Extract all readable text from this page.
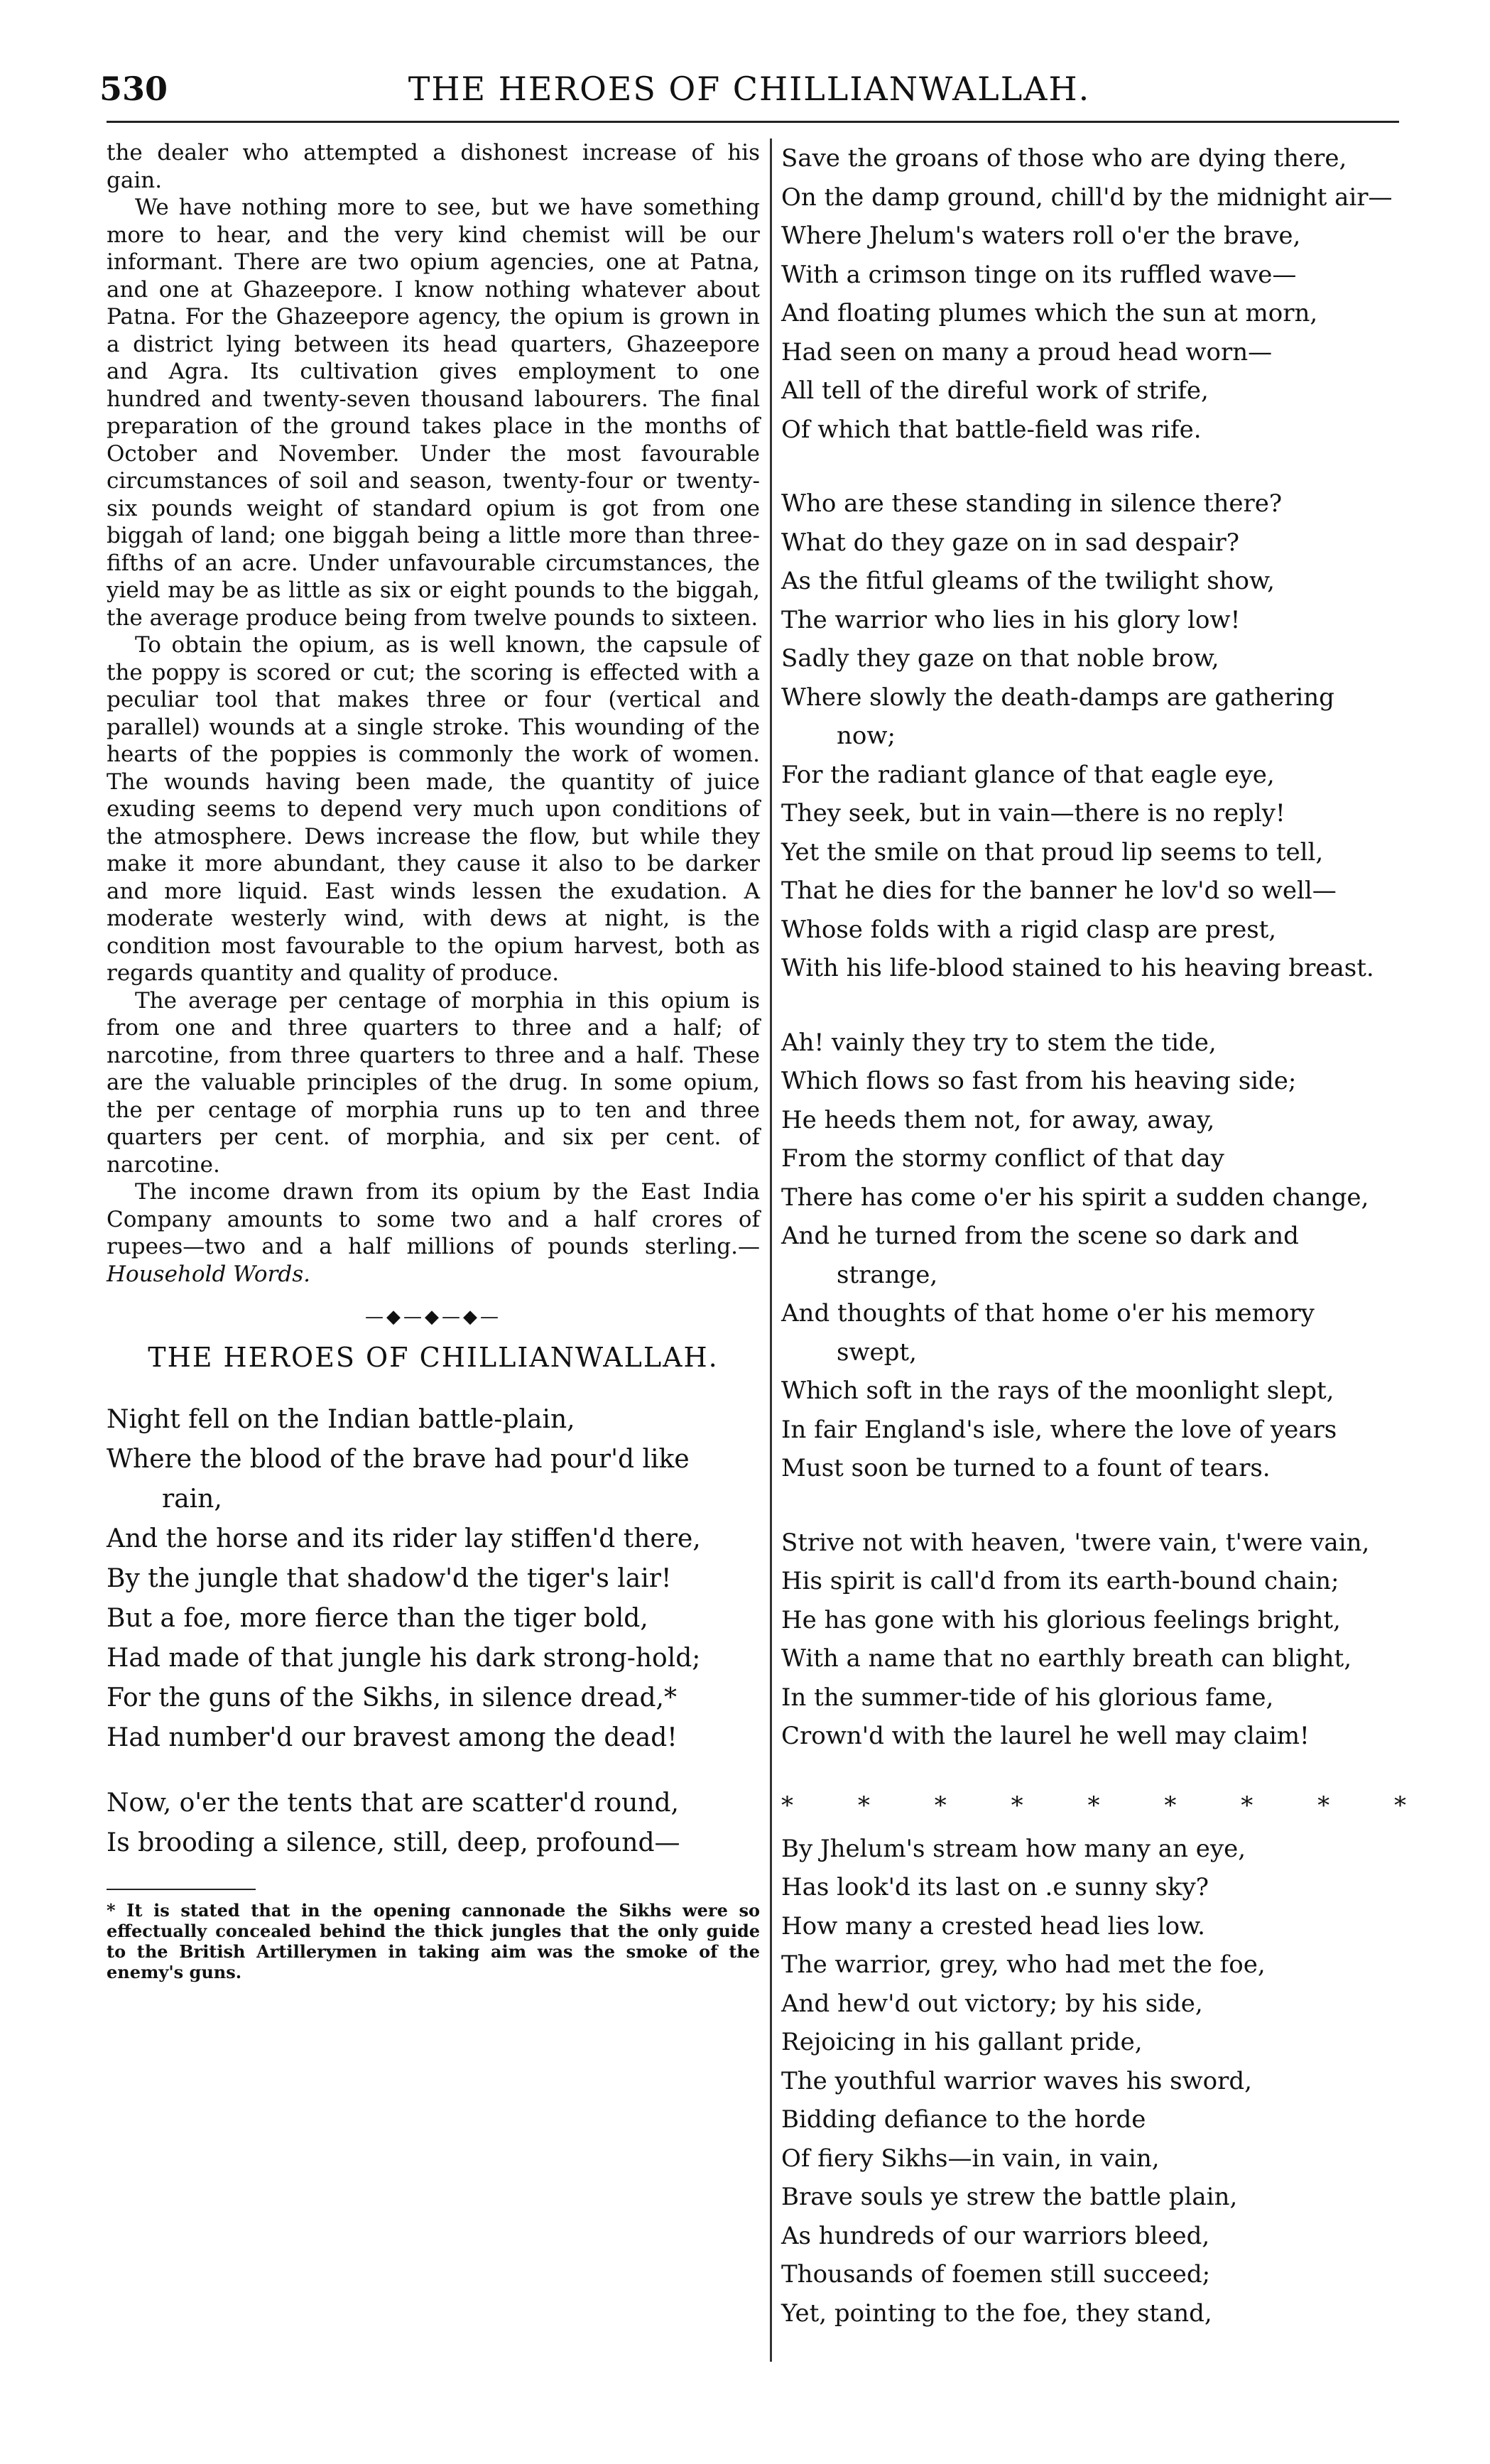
530	THE HEROES OF CHILLIANWALLAH.

the dealer who attempted a dishonest increase of his gain.

We have nothing more to see, but we have something more to hear, and the very kind chemist will be our informant. There are two opium agencies, one at Patna, and one at Ghazeepore. I know nothing whatever about Patna. For the Ghazeepore agency, the opium is grown in a district lying between its head quarters, Ghazeepore and Agra. Its cultivation gives employment to one hundred and twenty-seven thousand labourers. The final preparation of the ground takes place in the months of October and November. Under the most favourable circumstances of soil and season, twenty-four or twenty-six pounds weight of standard opium is got from one biggah of land; one biggah being a little more than three-fifths of an acre. Under unfavourable circumstances, the yield may be as little as six or eight pounds to the biggah, the average produce being from twelve pounds to sixteen.

To obtain the opium, as is well known, the capsule of the poppy is scored or cut; the scoring is effected with a peculiar tool that makes three or four (vertical and parallel) wounds at a single stroke. This wounding of the hearts of the poppies is commonly the work of women. The wounds having been made, the quantity of juice exuding seems to depend very much upon conditions of the atmosphere. Dews increase the flow, but while they make it more abundant, they cause it also to be darker and more liquid. East winds lessen the exudation. A moderate westerly wind, with dews at night, is the condition most favourable to the opium harvest, both as regards quantity and quality of produce.

The average per centage of morphia in this opium is from one and three quarters to three and a half; of narcotine, from three quarters to three and a half. These are the valuable principles of the drug. In some opium, the per centage of morphia runs up to ten and three quarters per cent. of morphia, and six per cent. of narcotine.

The income drawn from its opium by the East India Company amounts to some two and a half crores of rupees—two and a half millions of pounds sterling.—Household Words.

—◆—◆—◆—
THE HEROES OF CHILLIANWALLAH.
Night fell on the Indian battle-plain,
Where the blood of the brave had pour'd like
rain,
And the horse and its rider lay stiffen'd there,
By the jungle that shadow'd the tiger's lair!
But a foe, more fierce than the tiger bold,
Had made of that jungle his dark strong-hold;
For the guns of the Sikhs, in silence dread,*
Had number'd our bravest among the dead!
Now, o'er the tents that are scatter'd round,
Is brooding a silence, still, deep, profound—
* It is stated that in the opening cannonade the Sikhs were so effectually concealed behind the thick jungles that the only guide to the British Artillerymen in taking aim was the smoke of the enemy's guns.
Save the groans of those who are dying there,
On the damp ground, chill'd by the midnight air—
Where Jhelum's waters roll o'er the brave,
With a crimson tinge on its ruffled wave—
And floating plumes which the sun at morn,
Had seen on many a proud head worn—
All tell of the direful work of strife,
Of which that battle-field was rife.
Who are these standing in silence there?
What do they gaze on in sad despair?
As the fitful gleams of the twilight show,
The warrior who lies in his glory low!
Sadly they gaze on that noble brow,
Where slowly the death-damps are gathering
now;
For the radiant glance of that eagle eye,
They seek, but in vain—there is no reply!
Yet the smile on that proud lip seems to tell,
That he dies for the banner he lov'd so well—
Whose folds with a rigid clasp are prest,
With his life-blood stained to his heaving breast.
Ah! vainly they try to stem the tide,
Which flows so fast from his heaving side;
He heeds them not, for away, away,
From the stormy conflict of that day
There has come o'er his spirit a sudden change,
And he turned from the scene so dark and
strange,
And thoughts of that home o'er his memory
swept,
Which soft in the rays of the moonlight slept,
In fair England's isle, where the love of years
Must soon be turned to a fount of tears.
Strive not with heaven, 'twere vain, t'were vain,
His spirit is call'd from its earth-bound chain;
He has gone with his glorious feelings bright,
With a name that no earthly breath can blight,
In the summer-tide of his glorious fame,
Crown'd with the laurel he well may claim!
*	*	*	*	*	*	*	*	*
By Jhelum's stream how many an eye,
Has look'd its last on .e sunny sky?
How many a crested head lies low.
The warrior, grey, who had met the foe,
And hew'd out victory; by his side,
Rejoicing in his gallant pride,
The youthful warrior waves his sword,
Bidding defiance to the horde
Of fiery Sikhs—in vain, in vain,
Brave souls ye strew the battle plain,
As hundreds of our warriors bleed,
Thousands of foemen still succeed;
Yet, pointing to the foe, they stand,
